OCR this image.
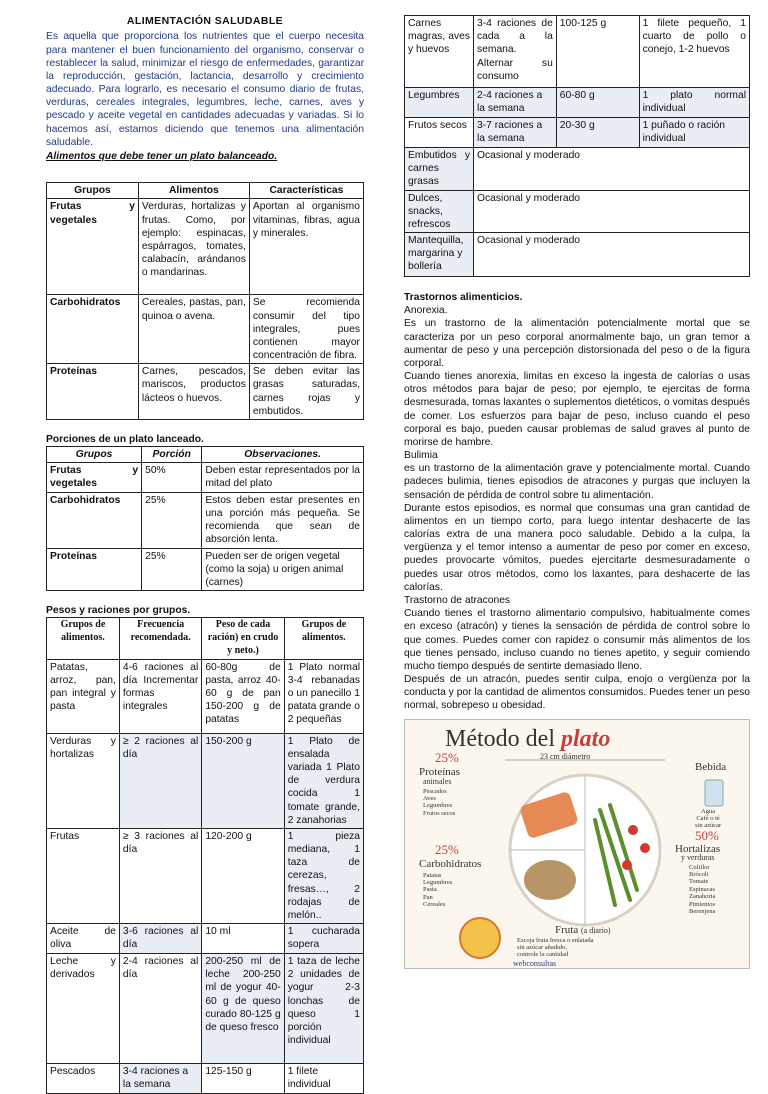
ALIMENTACIÓN SALUDABLE

Es aquella que proporciona los nutrientes que el cuerpo necesita para mantener el buen funcionamiento del organismo, conservar o restablecer la salud, minimizar el riesgo de enfermedades, garantizar la reproducción, gestación, lactancia, desarrollo y crecimiento adecuado. Para lograrlo, es necesario el consumo diario de frutas, verduras, cereales integrales, legumbres, leche, carnes, aves y pescado y aceite vegetal en cantidades adecuadas y variadas. Si lo hacemos así, estamos diciendo que tenemos una alimentación saludable.

Alimentos que debe tener un plato balanceado.

Grupos	Alimentos	Características
Frutas y vegetales	Verduras, hortalizas y frutas. Como, por ejemplo: espinacas, espárragos, tomates, calabacín, arándanos o mandarinas.	Aportan al organismo vitaminas, fibras, agua y minerales.
Carbohidratos	Cereales, pastas, pan, quinoa o avena.	Se recomienda consumir del tipo integrales, pues contienen mayor concentración de fibra.
Proteínas	Carnes, pescados, mariscos, productos lácteos o huevos.	Se deben evitar las grasas saturadas, carnes rojas y embutidos.

Porciones de un plato lanceado.

Grupos	Porción	Observaciones.
Frutas y vegetales	50%	Deben estar representados por la mitad del plato
Carbohidratos	25%	Estos deben estar presentes en una porción más pequeña. Se recomienda que sean de absorción lenta.
Proteínas	25%	Pueden ser de origen vegetal (como la soja) u origen animal (carnes)

Pesos y raciones por grupos.

Grupos de alimentos.	Frecuencia recomendada.	Peso de cada ración) en crudo y neto.)	Grupos de alimentos.
Patatas, arroz, pan, pan integral y pasta	4-6 raciones al día Incrementar formas integrales	60-80g de pasta, arroz 40-60 g de pan 150-200 g de patatas	1 Plato normal 3-4 rebanadas o un panecillo 1 patata grande o 2 pequeñas
Verduras y hortalizas	≥ 2 raciones al día	150-200 g	1 Plato de ensalada variada 1 Plato de verdura cocida 1 tomate grande, 2 zanahorias
Frutas	≥ 3 raciones al día	120-200 g	1 pieza mediana, 1 taza de cerezas, fresas…, 2 rodajas de melón..
Aceite de oliva	3-6 raciones al día	10 ml	1 cucharada sopera
Leche y derivados	2-4 raciones al día	200-250 ml de leche 200-250 ml de yogur 40-60 g de queso curado 80-125 g de queso fresco	1 taza de leche 2 unidades de yogur 2-3 lonchas de queso 1 porción individual
Pescados	3-4 raciones a la semana	125-150 g	1 filete individual
Carnes magras, aves y huevos	3-4 raciones de cada a la semana. Alternar su consumo	100-125 g	1 filete pequeño, 1 cuarto de pollo o conejo, 1-2 huevos
Legumbres	2-4 raciones a la semana	60-80 g	1 plato normal individual
Frutos secos	3-7 raciones a la semana	20-30 g	1 puñado o ración individual
Embutidos y carnes grasas	Ocasional y moderado		
Dulces, snacks, refrescos	Ocasional y moderado		
Mantequilla, margarina y bollería	Ocasional y moderado		

Trastornos alimenticios.

Anorexia.

Es un trastorno de la alimentación potencialmente mortal que se caracteriza por un peso corporal anormalmente bajo, un gran temor a aumentar de peso y una percepción distorsionada del peso o de la figura corporal.

Cuando tienes anorexia, limitas en exceso la ingesta de calorías o usas otros métodos para bajar de peso; por ejemplo, te ejercitas de forma desmesurada, tomas laxantes o suplementos dietéticos, o vomitas después de comer. Los esfuerzos para bajar de peso, incluso cuando el peso corporal es bajo, pueden causar problemas de salud graves al punto de morirse de hambre.

Bulimia

es un trastorno de la alimentación grave y potencialmente mortal. Cuando padeces bulimia, tienes episodios de atracones y purgas que incluyen la sensación de pérdida de control sobre tu alimentación.

Durante estos episodios, es normal que consumas una gran cantidad de alimentos en un tiempo corto, para luego intentar deshacerte de las calorías extra de una manera poco saludable. Debido a la culpa, la vergüenza y el temor intenso a aumentar de peso por comer en exceso, puedes provocarte vómitos, puedes ejercitarte desmesuradamente o puedes usar otros métodos, como los laxantes, para deshacerte de las calorías.

Trastorno de atracones

Cuando tienes el trastorno alimentario compulsivo, habitualmente comes en exceso (atracón) y tienes la sensación de pérdida de control sobre lo que comes. Puedes comer con rapidez o consumir más alimentos de los que tienes pensado, incluso cuando no tienes apetito, y seguir comiendo mucho tiempo después de sentirte demasiado lleno.

Después de un atracón, puedes sentir culpa, enojo o vergüenza por la conducta y por la cantidad de alimentos consumidos. Puedes tener un peso normal, sobrepeso u obesidad.

Método del plato
23 cm diámetro
25%
Proteínas
animales
Pescados
Aves
Legumbres
Frutos secos
25%
Carbohidratos
Patatas
Legumbres
Pasta
Pan
Cereales
50%
Hortalizas
y verduras
Coliflor
Brócoli
Tomate
Espinacas
Zanahoria
Pimientos
Berenjena
Bebida
Agua
Café o té
sin azúcar
Fruta (a diario)
Escoja fruta fresca o enlatada
sin azúcar añadido,
controle la cantidad
webconsultas
